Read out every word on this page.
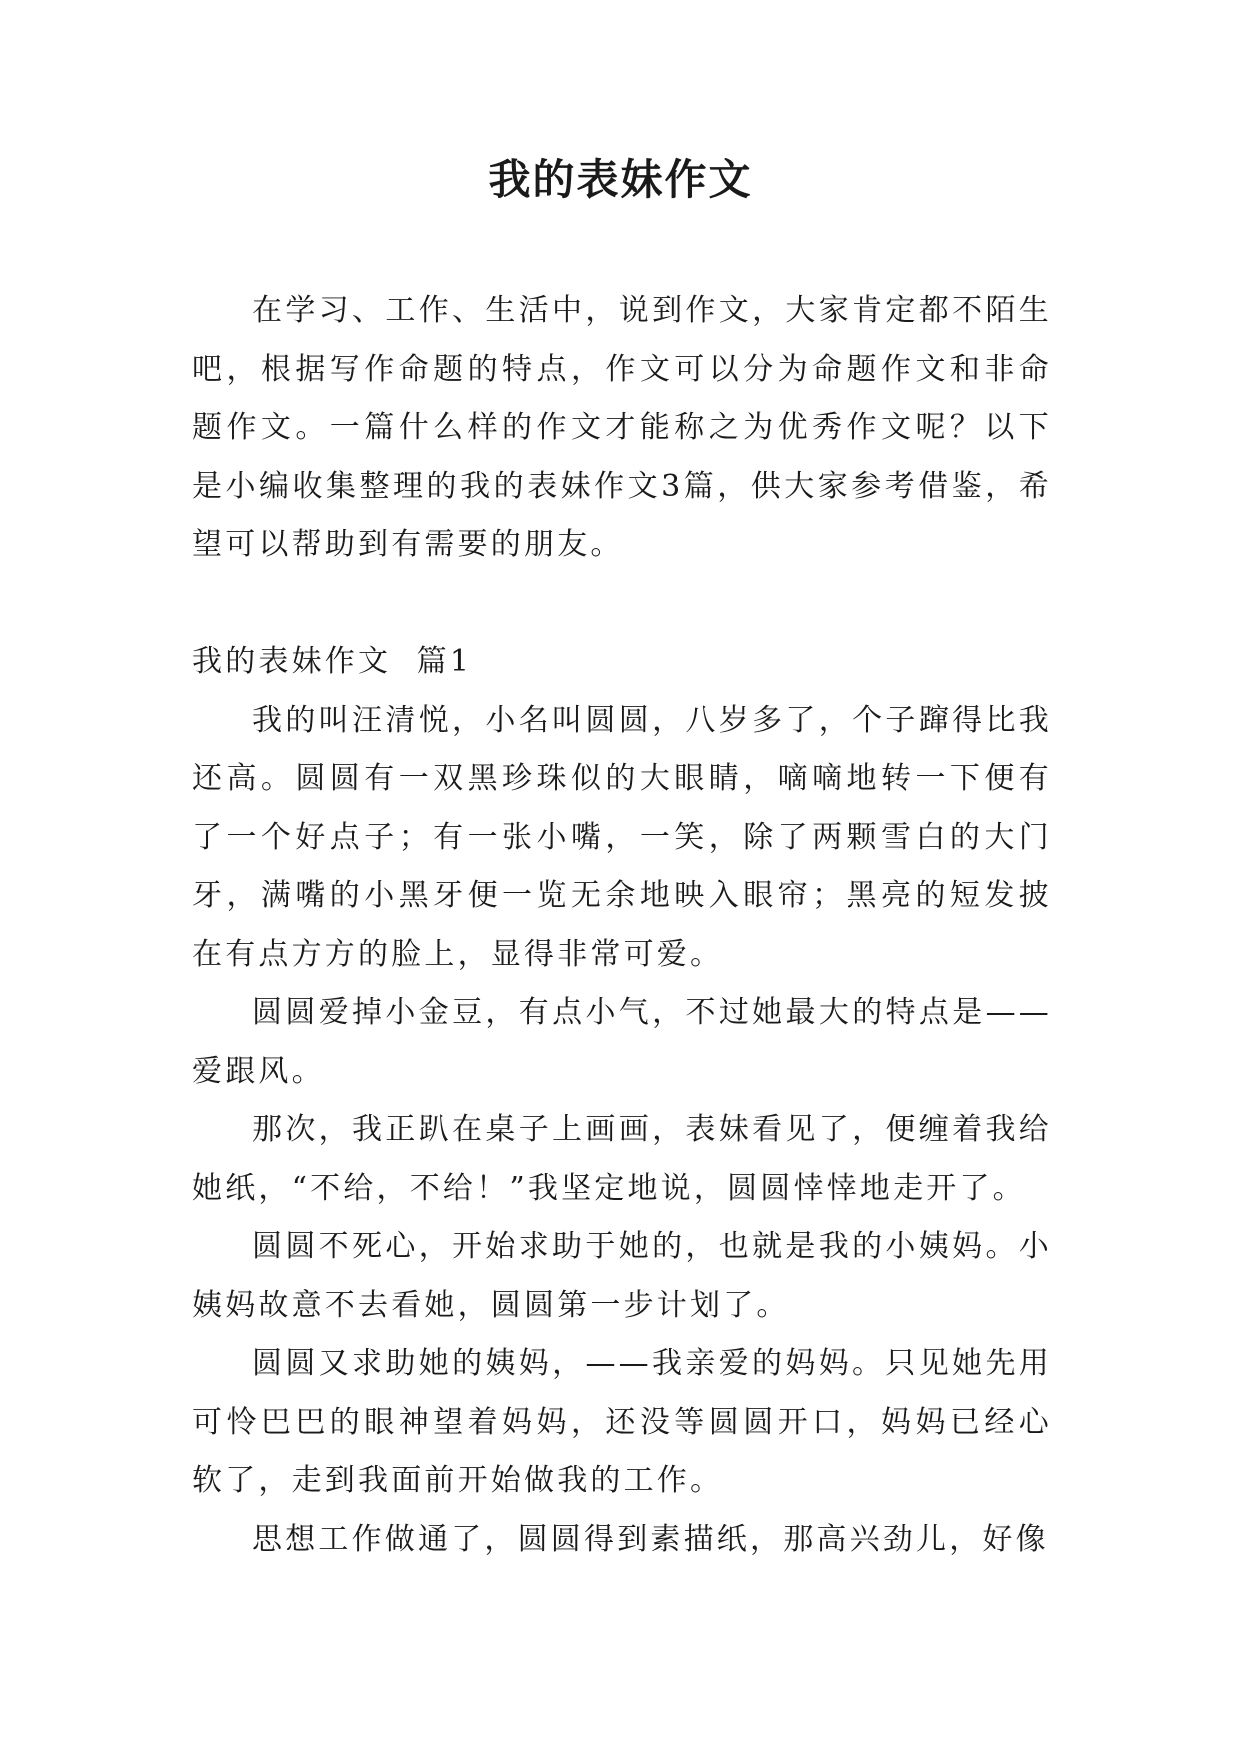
我的表妹作文

在学习、工作、生活中，说到作文，大家肯定都不陌生吧，根据写作命题的特点，作文可以分为命题作文和非命题作文。一篇什么样的作文才能称之为优秀作文呢？以下是小编收集整理的我的表妹作文3篇，供大家参考借鉴，希望可以帮助到有需要的朋友。

我的表妹作文  篇1

我的叫汪清悦，小名叫圆圆，八岁多了，个子蹿得比我还高。圆圆有一双黑珍珠似的大眼睛，嘀嘀地转一下便有了一个好点子；有一张小嘴，一笑，除了两颗雪白的大门牙，满嘴的小黑牙便一览无余地映入眼帘；黑亮的短发披在有点方方的脸上，显得非常可爱。

圆圆爱掉小金豆，有点小气，不过她最大的特点是——爱跟风。

那次，我正趴在桌子上画画，表妹看见了，便缠着我给她纸，“不给，不给！”我坚定地说，圆圆悻悻地走开了。

圆圆不死心，开始求助于她的，也就是我的小姨妈。小姨妈故意不去看她，圆圆第一步计划了。

圆圆又求助她的姨妈，——我亲爱的妈妈。只见她先用可怜巴巴的眼神望着妈妈，还没等圆圆开口，妈妈已经心软了，走到我面前开始做我的工作。

思想工作做通了，圆圆得到素描纸，那高兴劲儿，好像
